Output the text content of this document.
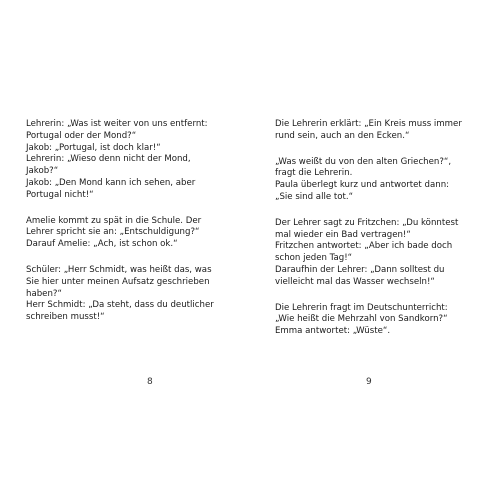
Lehrerin: „Was ist weiter von uns entfernt:
Portugal oder der Mond?“
Jakob: „Portugal, ist doch klar!“
Lehrerin: „Wieso denn nicht der Mond,
Jakob?“
Jakob: „Den Mond kann ich sehen, aber
Portugal nicht!“

Amelie kommt zu spät in die Schule. Der
Lehrer spricht sie an: „Entschuldigung?“
Darauf Amelie: „Ach, ist schon ok.“

Schüler: „Herr Schmidt, was heißt das, was
Sie hier unter meinen Aufsatz geschrieben
haben?“
Herr Schmidt: „Da steht, dass du deutlicher
schreiben musst!“

8

Die Lehrerin erklärt: „Ein Kreis muss immer
rund sein, auch an den Ecken.“

„Was weißt du von den alten Griechen?“,
fragt die Lehrerin.
Paula überlegt kurz und antwortet dann:
„Sie sind alle tot.“

Der Lehrer sagt zu Fritzchen: „Du könntest
mal wieder ein Bad vertragen!“
Fritzchen antwortet: „Aber ich bade doch
schon jeden Tag!“
Daraufhin der Lehrer: „Dann solltest du
vielleicht mal das Wasser wechseln!“

Die Lehrerin fragt im Deutschunterricht:
„Wie heißt die Mehrzahl von Sandkorn?“
Emma antwortet: „Wüste“.

9
